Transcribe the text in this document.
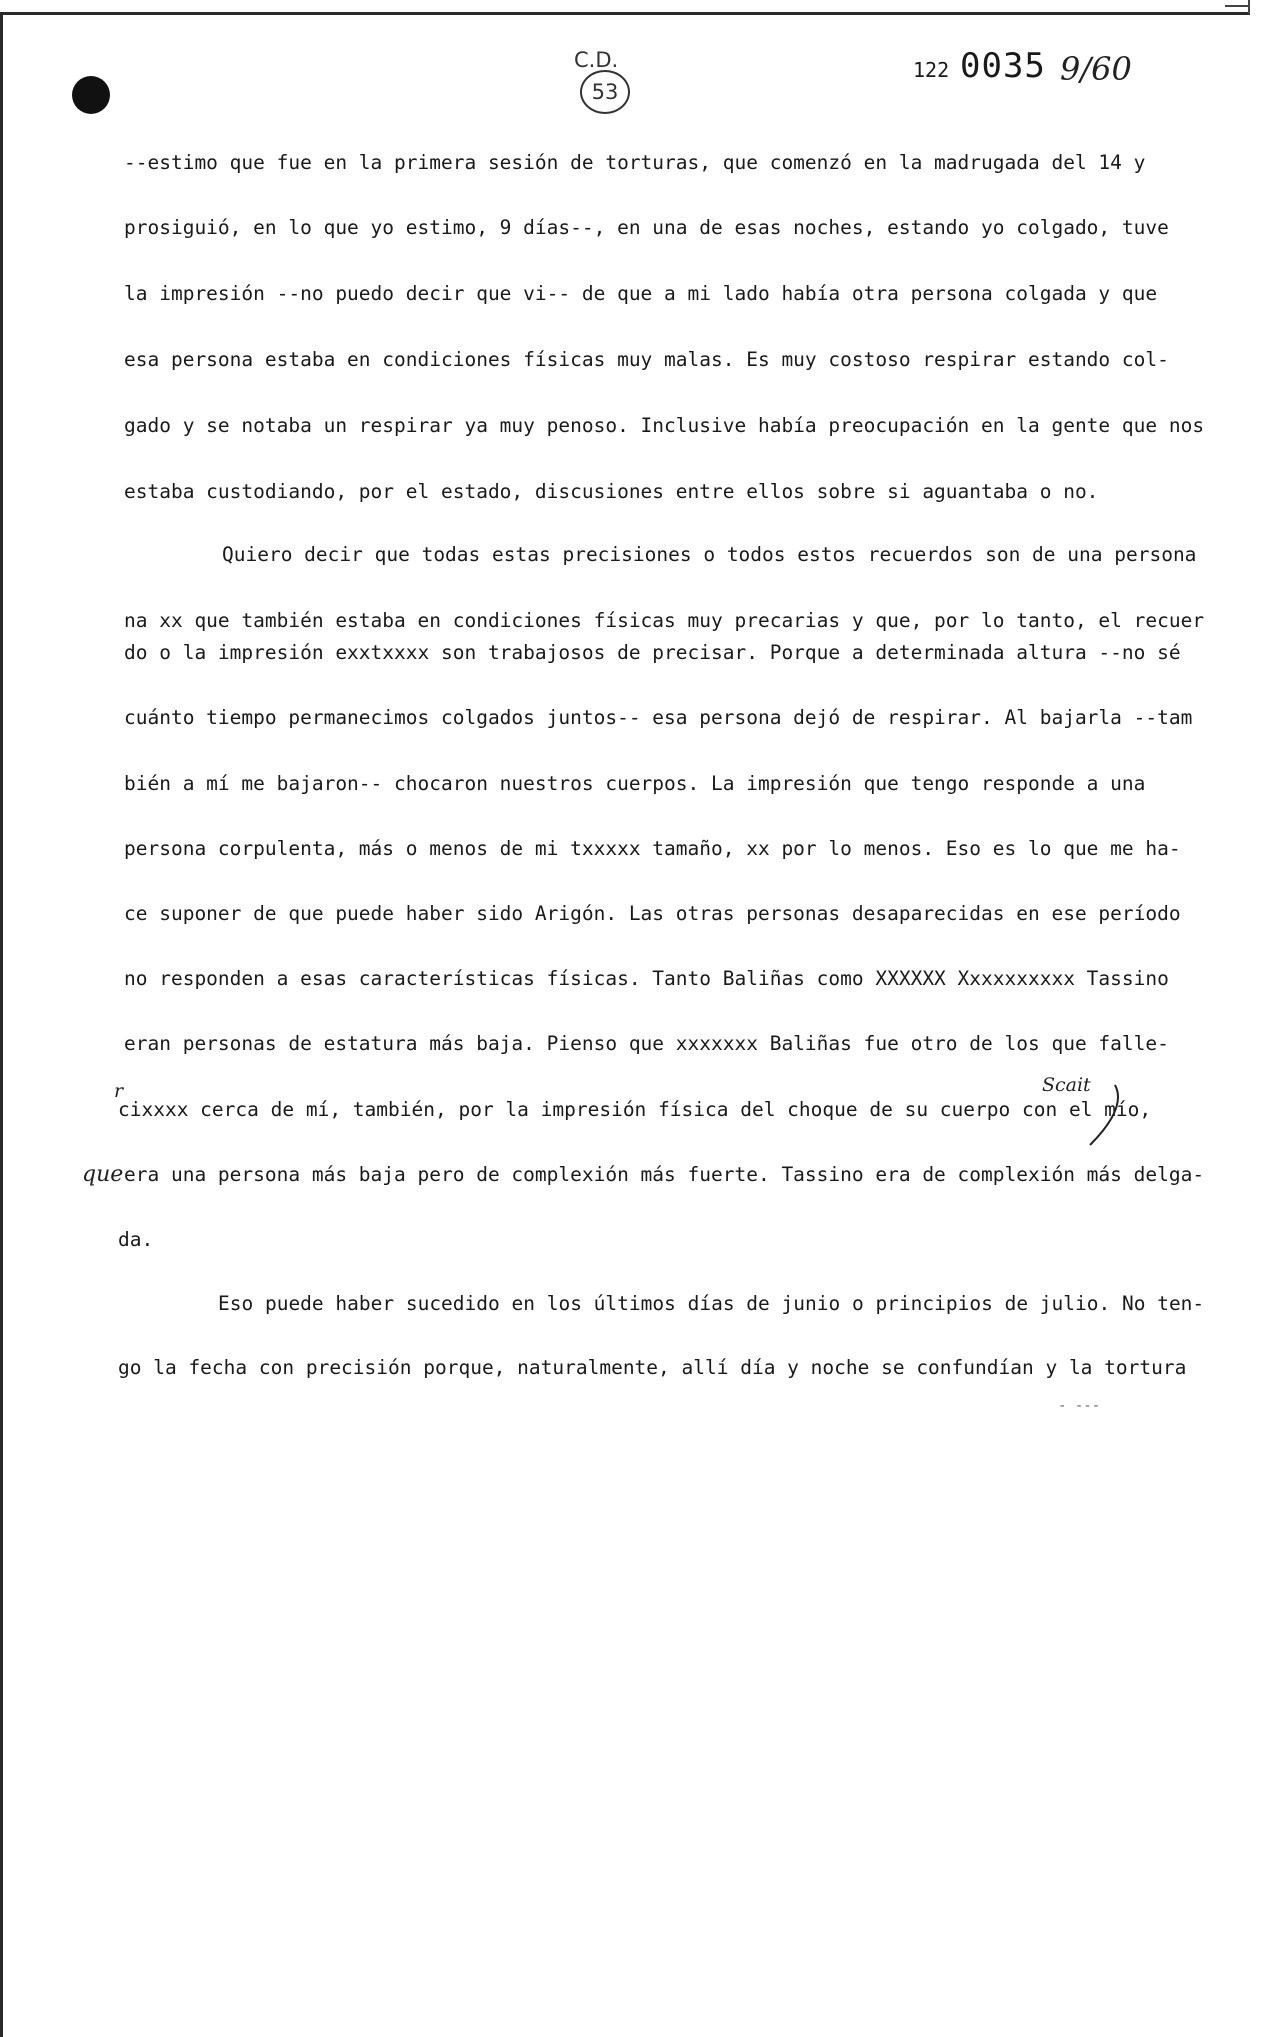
C.D.
53
122 0035 9/60
--estimo que fue en la primera sesión de torturas, que comenzó en la madrugada del 14 y
prosiguió, en lo que yo estimo, 9 días--, en una de esas noches, estando yo colgado, tuve
la impresión --no puedo decir que vi-- de que a mi lado había otra persona colgada y que
esa persona estaba en condiciones físicas muy malas. Es muy costoso respirar estando col-
gado y se notaba un respirar ya muy penoso. Inclusive había preocupación en la gente que nos
estaba custodiando, por el estado, discusiones entre ellos sobre si aguantaba o no.
Quiero decir que todas estas precisiones o todos estos recuerdos son de una persona
na xx que también estaba en condiciones físicas muy precarias y que, por lo tanto, el recuer
do o la impresión exxtxxxx son trabajosos de precisar. Porque a determinada altura --no sé
cuánto tiempo permanecimos colgados juntos-- esa persona dejó de respirar. Al bajarla --tam
bién a mí me bajaron-- chocaron nuestros cuerpos. La impresión que tengo responde a una
persona corpulenta, más o menos de mi txxxxx tamaño, xx por lo menos. Eso es lo que me ha-
ce suponer de que puede haber sido Arigón. Las otras personas desaparecidas en ese período
no responden a esas características físicas. Tanto Baliñas como XXXXXX Xxxxxxxxxx Tassino
eran personas de estatura más baja. Pienso que xxxxxxx Baliñas fue otro de los que falle-
cixxxx cerca de mí, también, por la impresión física del choque de su cuerpo con el mío,
era una persona más baja pero de complexión más fuerte. Tassino era de complexión más delga-
da.
Eso puede haber sucedido en los últimos días de junio o principios de julio. No ten-
go la fecha con precisión porque, naturalmente, allí día y noche se confundían y la tortura
que
Scait
r
- ---
